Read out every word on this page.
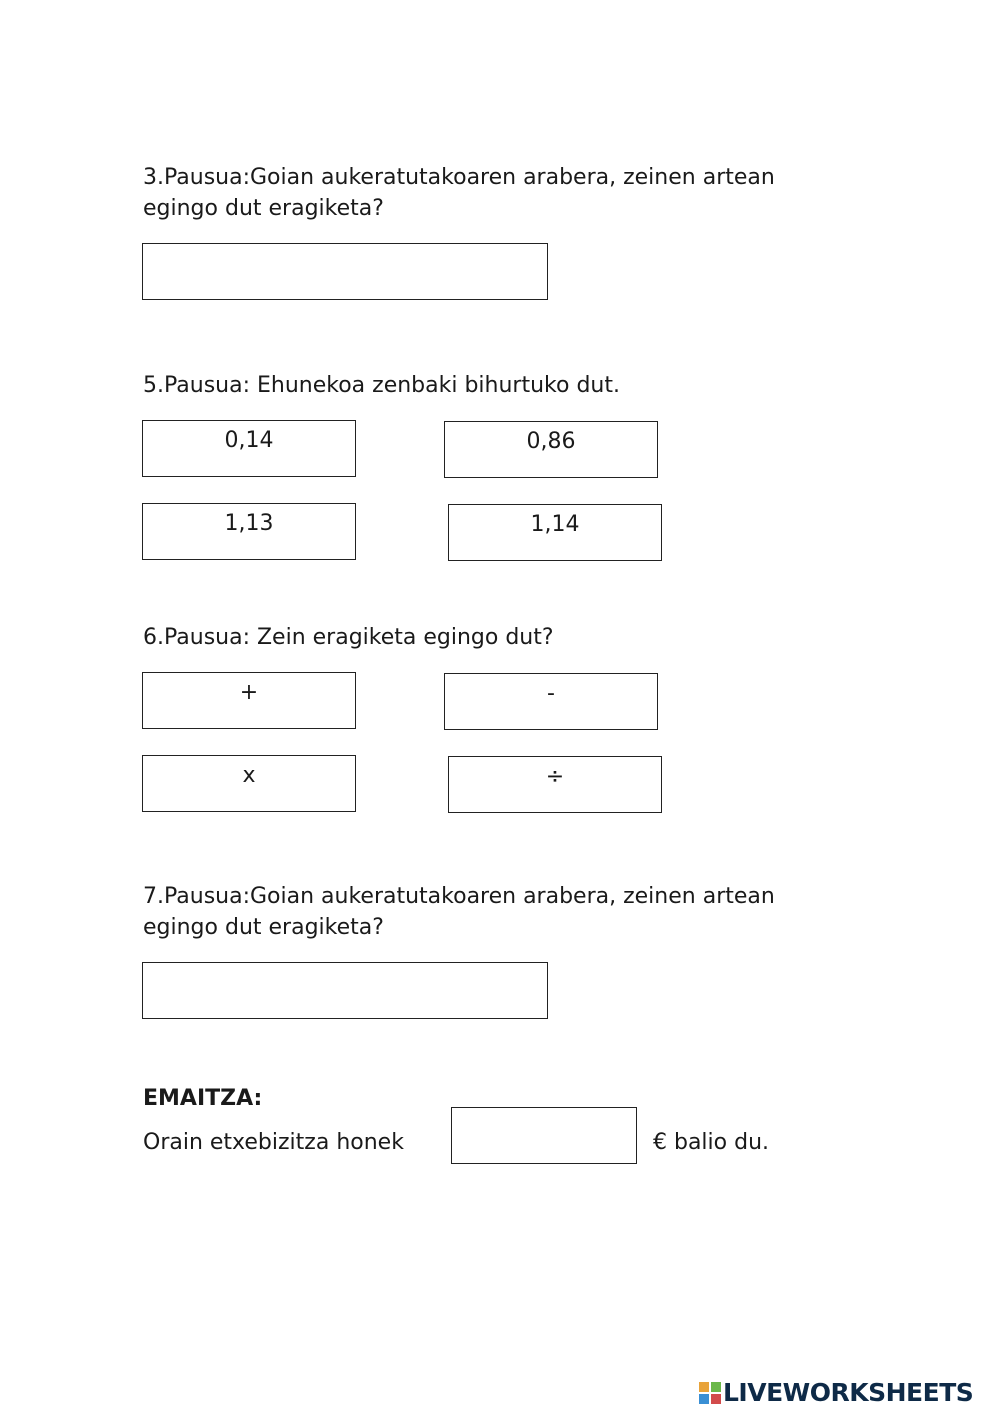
3.Pausua:Goian aukeratutakoaren arabera, zeinen artean

egingo dut eragiketa?

5.Pausua: Ehunekoa zenbaki bihurtuko dut.

0,14	0,86
1,13	1,14

6.Pausua: Zein eragiketa egingo dut?

+	-
x	÷

7.Pausua:Goian aukeratutakoaren arabera, zeinen artean

egingo dut eragiketa?

EMAITZA:

Orain etxebizitza honek	€ balio du.

LIVEWORKSHEETS
